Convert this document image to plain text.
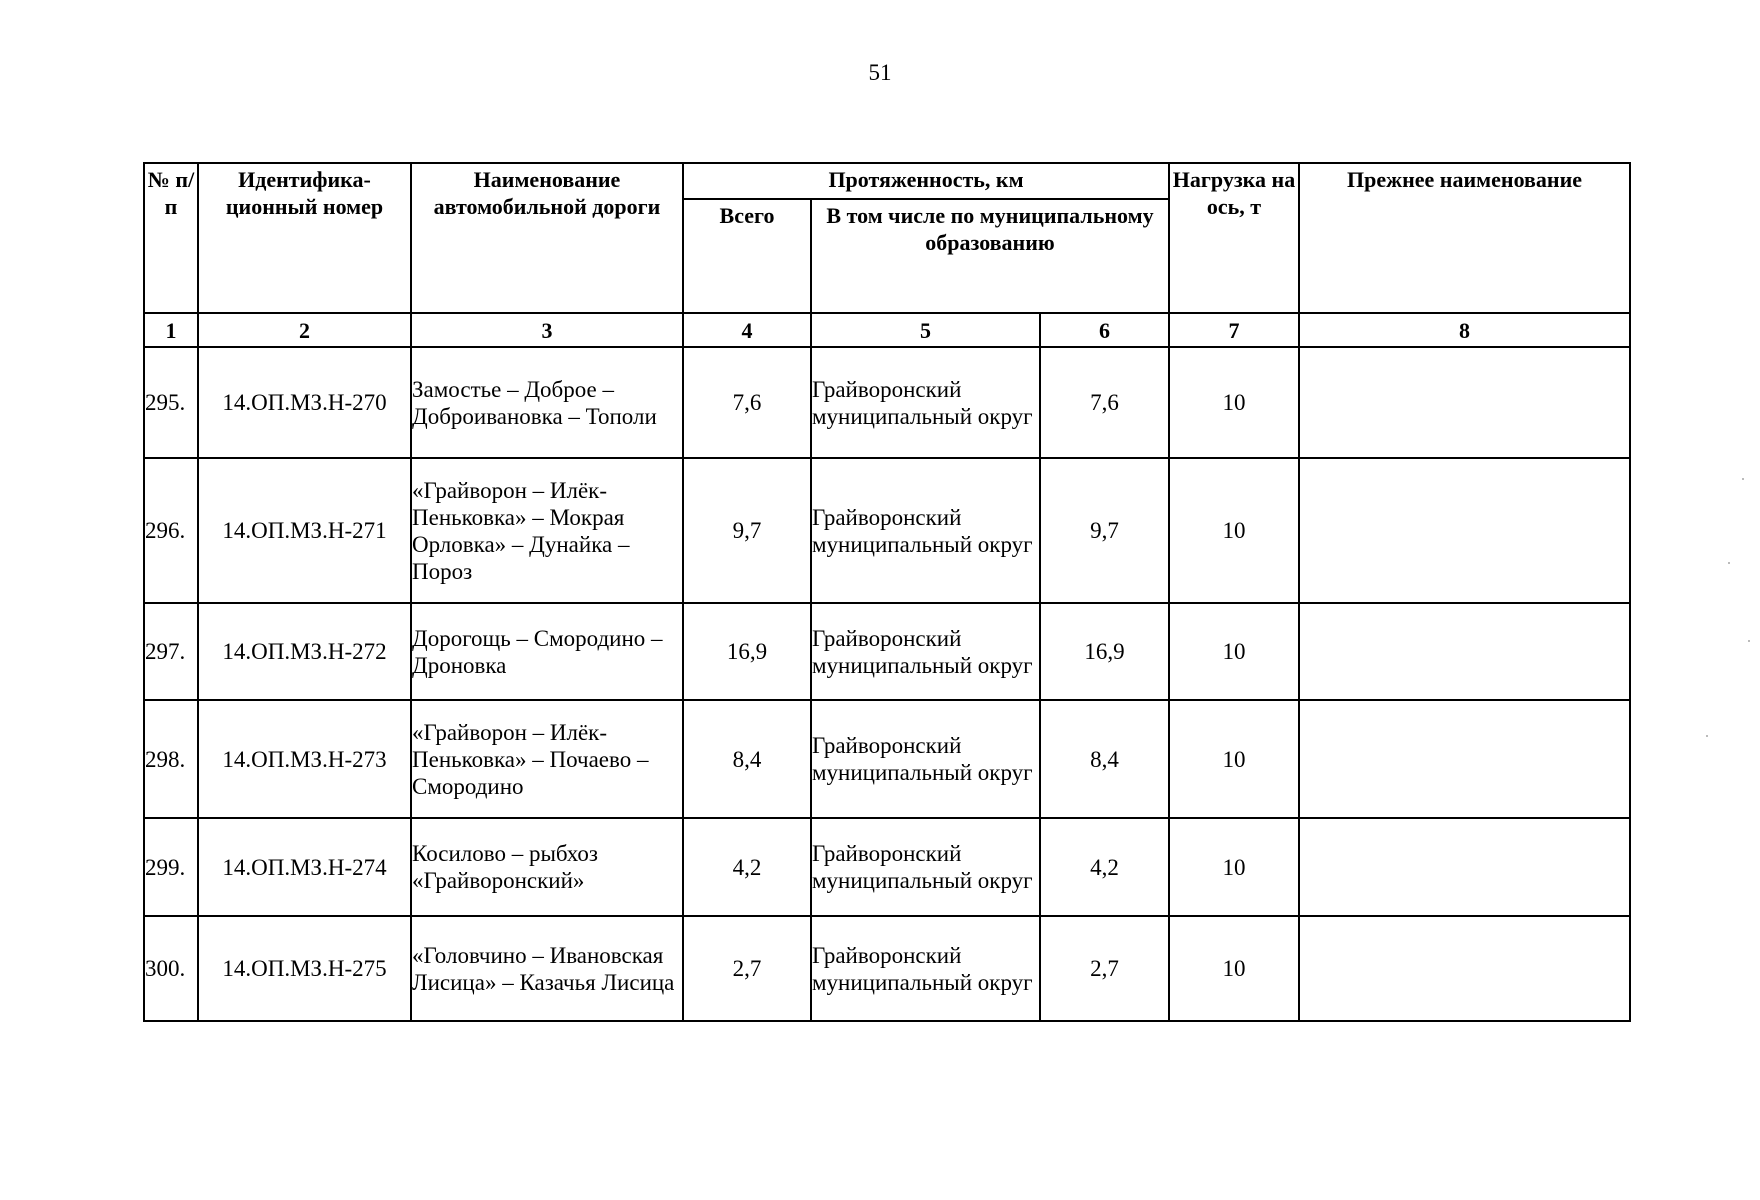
51
№ п/п	Идентифика-ционный номер	Наименование автомобильной дороги	Протяженность, км			Нагрузка на ось, т	Прежнее наименование
			Всего	В том числе по муниципальному образованию			
1	2	3	4	5	6	7	8
295.	14.ОП.МЗ.Н-270	Замостье – Доброе – Доброивановка – Тополи	7,6	Грайворонский муниципальный округ	7,6	10	
296.	14.ОП.МЗ.Н-271	«Грайворон – Илёк-Пеньковка» – Мокрая Орловка» – Дунайка – Пороз	9,7	Грайворонский муниципальный округ	9,7	10	
297.	14.ОП.МЗ.Н-272	Дорогощь – Смородино – Дроновка	16,9	Грайворонский муниципальный округ	16,9	10	
298.	14.ОП.МЗ.Н-273	«Грайворон – Илёк-Пеньковка» – Почаево – Смородино	8,4	Грайворонский муниципальный округ	8,4	10	
299.	14.ОП.МЗ.Н-274	Косилово – рыбхоз «Грайворонский»	4,2	Грайворонский муниципальный округ	4,2	10	
300.	14.ОП.МЗ.Н-275	«Головчино – Ивановская Лисица» – Казачья Лисица	2,7	Грайворонский муниципальный округ	2,7	10	
